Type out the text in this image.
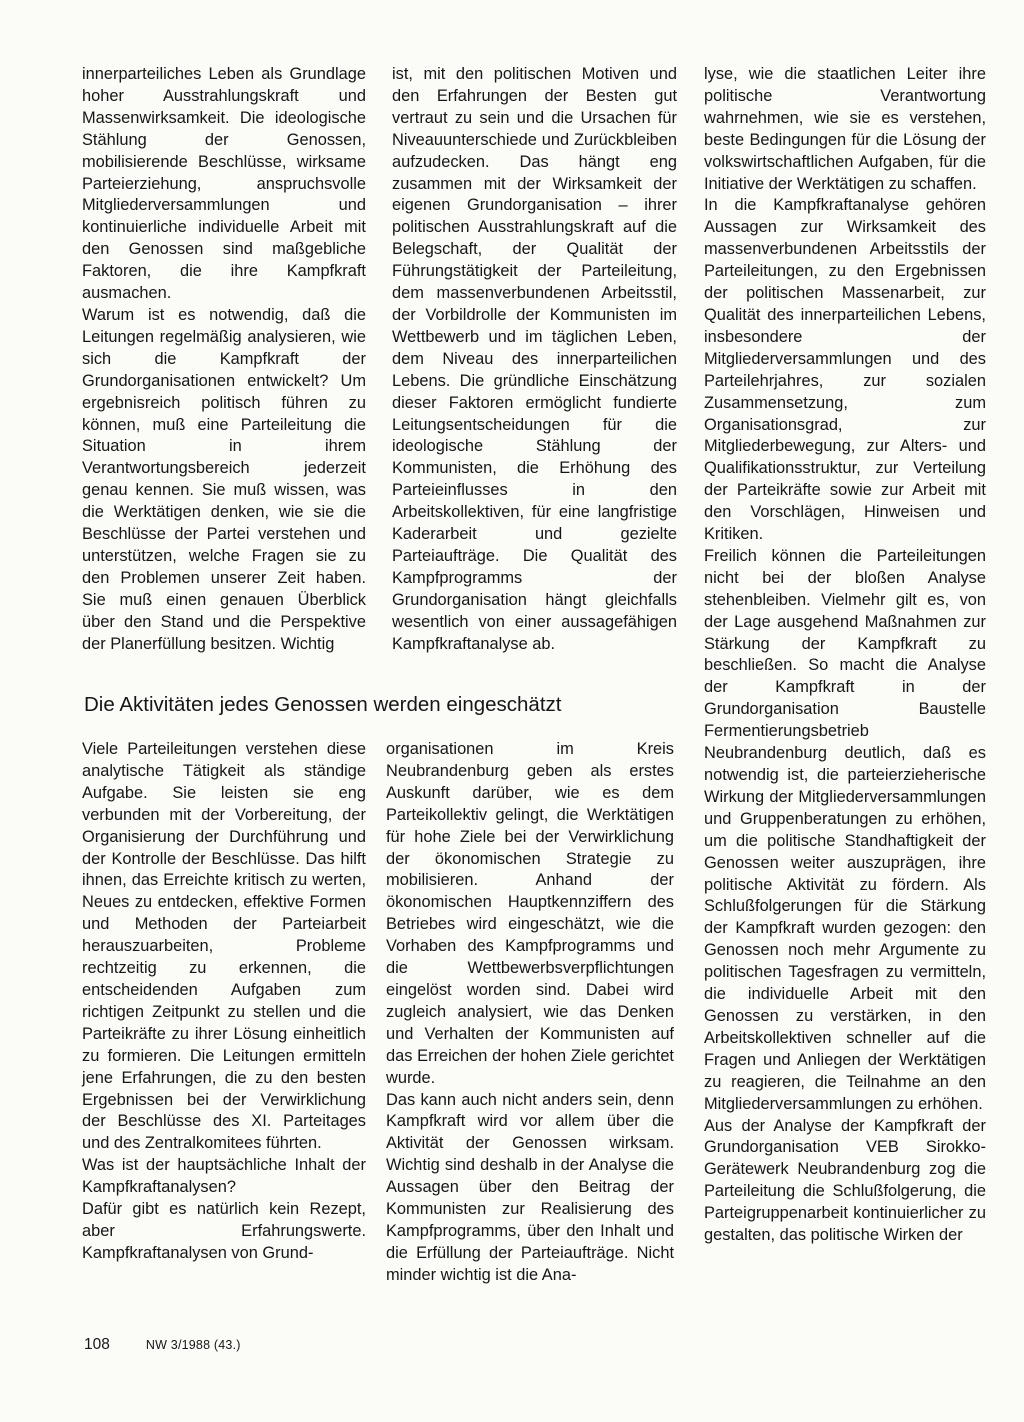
innerparteiliches Leben als Grundlage hoher Ausstrahlungskraft und Massenwirksamkeit. Die ideologische Stählung der Genossen, mobilisierende Beschlüsse, wirksame Parteierziehung, anspruchsvolle Mitgliederversammlungen und kontinuierliche individuelle Arbeit mit den Genossen sind maßgebliche Faktoren, die ihre Kampfkraft ausmachen.

Warum ist es notwendig, daß die Leitungen regelmäßig analysieren, wie sich die Kampfkraft der Grundorganisationen entwickelt? Um ergebnisreich politisch führen zu können, muß eine Parteileitung die Situation in ihrem Verantwortungsbereich jederzeit genau kennen. Sie muß wissen, was die Werktätigen denken, wie sie die Beschlüsse der Partei verstehen und unterstützen, welche Fragen sie zu den Problemen unserer Zeit haben. Sie muß einen genauen Überblick über den Stand und die Perspektive der Planerfüllung besitzen. Wichtig

ist, mit den politischen Motiven und den Erfahrungen der Besten gut vertraut zu sein und die Ursachen für Niveauunterschiede und Zurückbleiben aufzudecken. Das hängt eng zusammen mit der Wirksamkeit der eigenen Grundorganisation – ihrer politischen Ausstrahlungskraft auf die Belegschaft, der Qualität der Führungstätigkeit der Parteileitung, dem massenverbundenen Arbeitsstil, der Vorbildrolle der Kommunisten im Wettbewerb und im täglichen Leben, dem Niveau des innerparteilichen Lebens. Die gründliche Einschätzung dieser Faktoren ermöglicht fundierte Leitungsentscheidungen für die ideologische Stählung der Kommunisten, die Erhöhung des Parteieinflusses in den Arbeitskollektiven, für eine langfristige Kaderarbeit und gezielte Parteiaufträge. Die Qualität des Kampfprogramms der Grundorganisation hängt gleichfalls wesentlich von einer aussagefähigen Kampfkraftanalyse ab.

lyse, wie die staatlichen Leiter ihre politische Verantwortung wahrnehmen, wie sie es verstehen, beste Bedingungen für die Lösung der volkswirtschaftlichen Aufgaben, für die Initiative der Werktätigen zu schaffen.

In die Kampfkraftanalyse gehören Aussagen zur Wirksamkeit des massenverbundenen Arbeitsstils der Parteileitungen, zu den Ergebnissen der politischen Massenarbeit, zur Qualität des innerparteilichen Lebens, insbesondere der Mitgliederversammlungen und des Parteilehrjahres, zur sozialen Zusammensetzung, zum Organisationsgrad, zur Mitgliederbewegung, zur Alters- und Qualifikationsstruktur, zur Verteilung der Parteikräfte sowie zur Arbeit mit den Vorschlägen, Hinweisen und Kritiken.

Freilich können die Parteileitungen nicht bei der bloßen Analyse stehenbleiben. Vielmehr gilt es, von der Lage ausgehend Maßnahmen zur Stärkung der Kampfkraft zu beschließen. So macht die Analyse der Kampfkraft in der Grundorganisation Baustelle Fermentierungsbetrieb Neubrandenburg deutlich, daß es notwendig ist, die parteierzieherische Wirkung der Mitgliederversammlungen und Gruppenberatungen zu erhöhen, um die politische Standhaftigkeit der Genossen weiter auszuprägen, ihre politische Aktivität zu fördern. Als Schlußfolgerungen für die Stärkung der Kampfkraft wurden gezogen: den Genossen noch mehr Argumente zu politischen Tagesfragen zu vermitteln, die individuelle Arbeit mit den Genossen zu verstärken, in den Arbeitskollektiven schneller auf die Fragen und Anliegen der Werktätigen zu reagieren, die Teilnahme an den Mitgliederversammlungen zu erhöhen.

Aus der Analyse der Kampfkraft der Grundorganisation VEB Sirokko-Gerätewerk Neubrandenburg zog die Parteileitung die Schlußfolgerung, die Parteigruppenarbeit kontinuierlicher zu gestalten, das politische Wirken der

Die Aktivitäten jedes Genossen werden eingeschätzt

Viele Parteileitungen verstehen diese analytische Tätigkeit als ständige Aufgabe. Sie leisten sie eng verbunden mit der Vorbereitung, der Organisierung der Durchführung und der Kontrolle der Beschlüsse. Das hilft ihnen, das Erreichte kritisch zu werten, Neues zu entdecken, effektive Formen und Methoden der Parteiarbeit herauszuarbeiten, Probleme rechtzeitig zu erkennen, die entscheidenden Aufgaben zum richtigen Zeitpunkt zu stellen und die Parteikräfte zu ihrer Lösung einheitlich zu formieren. Die Leitungen ermitteln jene Erfahrungen, die zu den besten Ergebnissen bei der Verwirklichung der Beschlüsse des XI. Parteitages und des Zentralkomitees führten.

Was ist der hauptsächliche Inhalt der Kampfkraftanalysen?

Dafür gibt es natürlich kein Rezept, aber Erfahrungswerte. Kampfkraftanalysen von Grund-

organisationen im Kreis Neubrandenburg geben als erstes Auskunft darüber, wie es dem Parteikollektiv gelingt, die Werktätigen für hohe Ziele bei der Verwirklichung der ökonomischen Strategie zu mobilisieren. Anhand der ökonomischen Hauptkennziffern des Betriebes wird eingeschätzt, wie die Vorhaben des Kampfprogramms und die Wettbewerbsverpflichtungen eingelöst worden sind. Dabei wird zugleich analysiert, wie das Denken und Verhalten der Kommunisten auf das Erreichen der hohen Ziele gerichtet wurde.

Das kann auch nicht anders sein, denn Kampfkraft wird vor allem über die Aktivität der Genossen wirksam. Wichtig sind deshalb in der Analyse die Aussagen über den Beitrag der Kommunisten zur Realisierung des Kampfprogramms, über den Inhalt und die Erfüllung der Parteiaufträge. Nicht minder wichtig ist die Ana-

108	NW 3/1988 (43.)
